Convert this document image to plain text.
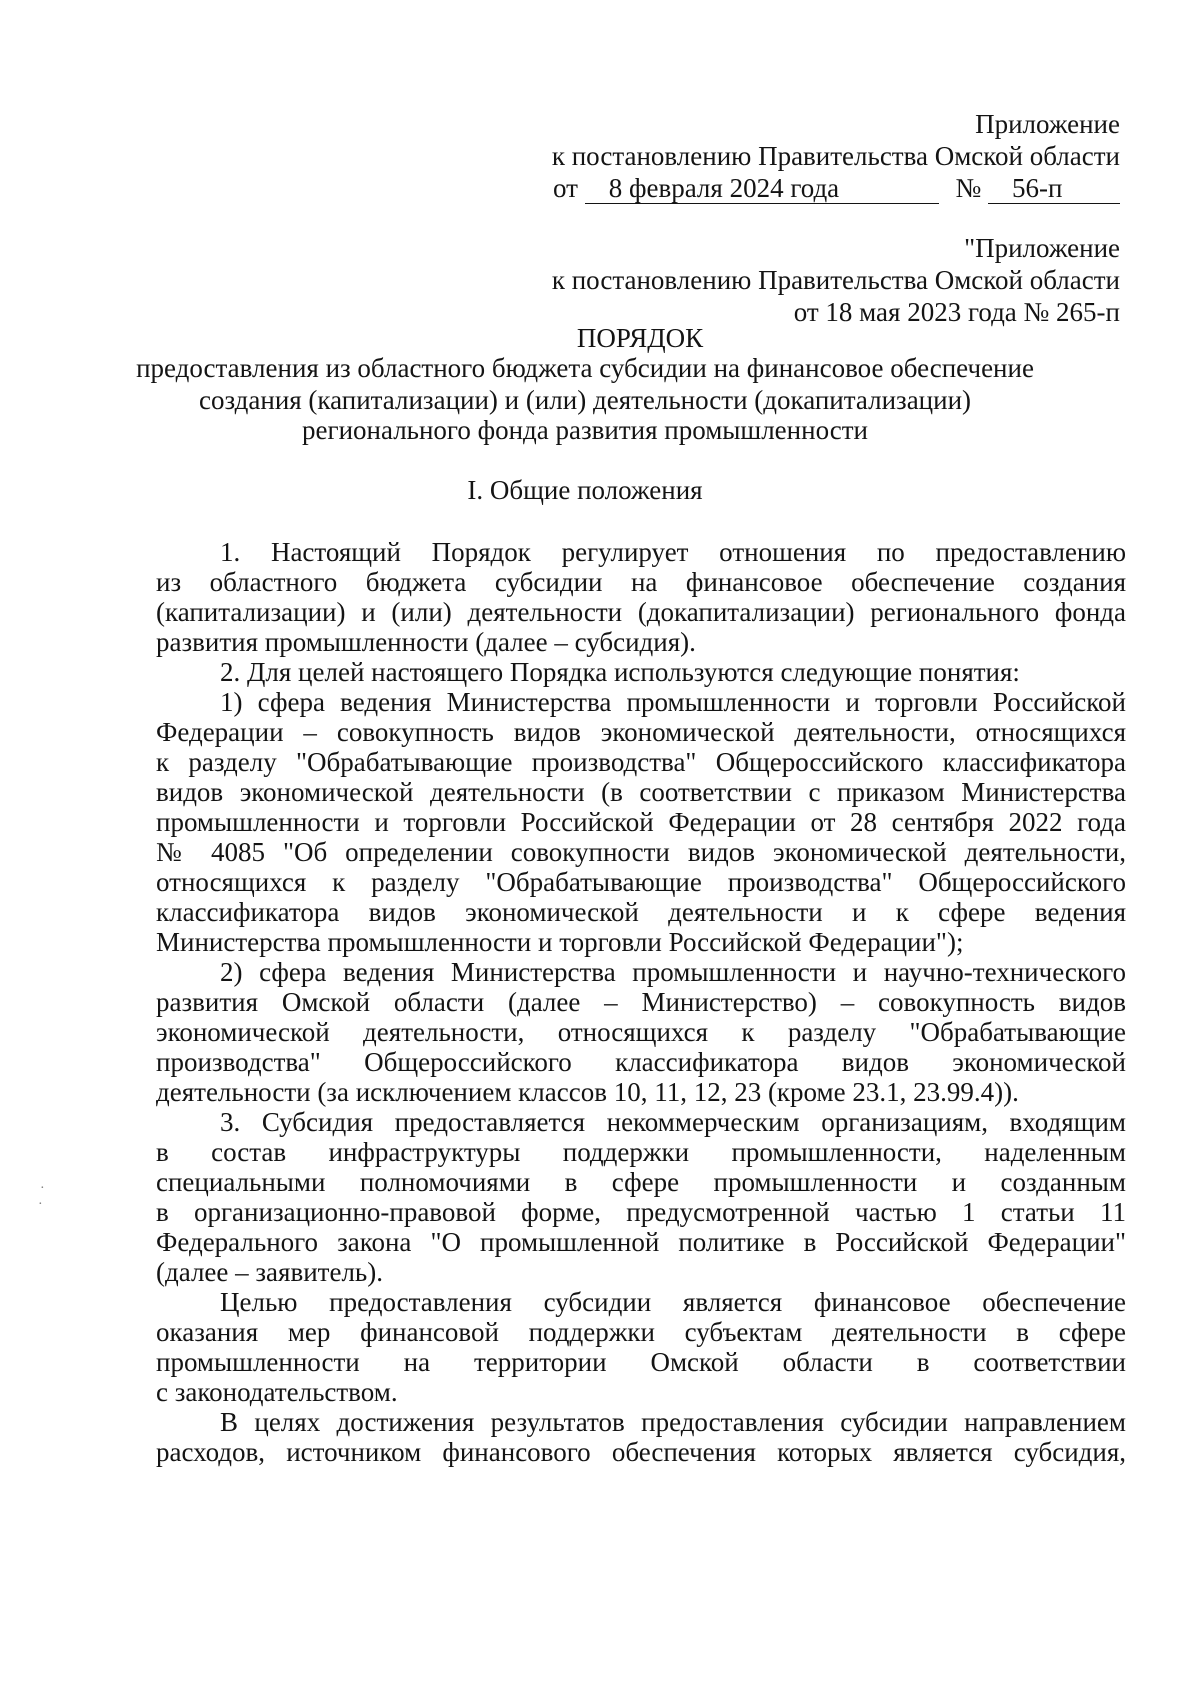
Приложение
к постановлению Правительства Омской области
от 8 февраля 2024 года	№ 56-п
"Приложение
к постановлению Правительства Омской области
от 18 мая 2023 года № 265-п
ПОРЯДОК
предоставления из областного бюджета субсидии на финансовое обеспечение
создания (капитализации) и (или) деятельности (докапитализации)
регионального фонда развития промышленности
I. Общие положения
1. Настоящий Порядок регулирует отношения по предоставлению
из областного бюджета субсидии на финансовое обеспечение создания
(капитализации) и (или) деятельности (докапитализации) регионального фонда
развития промышленности (далее – субсидия).
2. Для целей настоящего Порядка используются следующие понятия:
1) сфера ведения Министерства промышленности и торговли Российской
Федерации – совокупность видов экономической деятельности, относящихся
к разделу "Обрабатывающие производства" Общероссийского классификатора
видов экономической деятельности (в соответствии с приказом Министерства
промышленности и торговли Российской Федерации от 28 сентября 2022 года
№ 4085 "Об определении совокупности видов экономической деятельности,
относящихся к разделу "Обрабатывающие производства" Общероссийского
классификатора видов экономической деятельности и к сфере ведения
Министерства промышленности и торговли Российской Федерации");
2) сфера ведения Министерства промышленности и научно-технического
развития Омской области (далее – Министерство) – совокупность видов
экономической деятельности, относящихся к разделу "Обрабатывающие
производства" Общероссийского классификатора видов экономической
деятельности (за исключением классов 10, 11, 12, 23 (кроме 23.1, 23.99.4)).
3. Субсидия предоставляется некоммерческим организациям, входящим
в состав инфраструктуры поддержки промышленности, наделенным
специальными полномочиями в сфере промышленности и созданным
в организационно-правовой форме, предусмотренной частью 1 статьи 11
Федерального закона "О промышленной политике в Российской Федерации"
(далее – заявитель).
Целью предоставления субсидии является финансовое обеспечение
оказания мер финансовой поддержки субъектам деятельности в сфере
промышленности на территории Омской области в соответствии
с законодательством.
В целях достижения результатов предоставления субсидии направлением
расходов, источником финансового обеспечения которых является субсидия,
·
·
